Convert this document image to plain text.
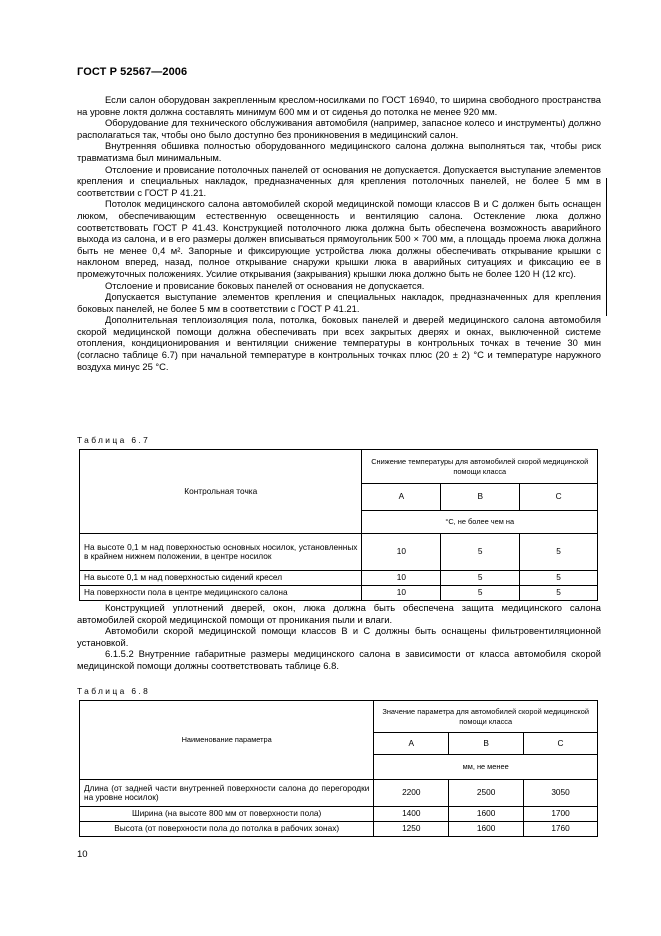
ГОСТ Р 52567—2006

Если салон оборудован закрепленным креслом-носилками по ГОСТ 16940, то ширина свободного пространства на уровне локтя должна составлять минимум 600 мм и от сиденья до потолка не менее 920 мм.

Оборудование для технического обслуживания автомобиля (например, запасное колесо и инструменты) должно располагаться так, чтобы оно было доступно без проникновения в медицинский салон.

Внутренняя обшивка полностью оборудованного медицинского салона должна выполняться так, чтобы риск травматизма был минимальным.

Отслоение и провисание потолочных панелей от основания не допускается. Допускается выступание элементов крепления и специальных накладок, предназначенных для крепления потолочных панелей, не более 5 мм в соответствии с ГОСТ Р 41.21.

Потолок медицинского салона автомобилей скорой медицинской помощи классов В и С должен быть оснащен люком, обеспечивающим естественную освещенность и вентиляцию салона. Остекление люка должно соответствовать ГОСТ Р 41.43. Конструкцией потолочного люка должна быть обеспечена возможность аварийного выхода из салона, и в его размеры должен вписываться прямоугольник 500 × 700 мм, а площадь проема люка должна быть не менее 0,4 м². Запорные и фиксирующие устройства люка должны обеспечивать открывание крышки с наклоном вперед, назад, полное открывание снаружи крышки люка в аварийных ситуациях и фиксацию ее в промежуточных положениях. Усилие открывания (закрывания) крышки люка должно быть не более 120 Н (12 кгс).

Отслоение и провисание боковых панелей от основания не допускается.

Допускается выступание элементов крепления и специальных накладок, предназначенных для крепления боковых панелей, не более 5 мм в соответствии с ГОСТ Р 41.21.

Дополнительная теплоизоляция пола, потолка, боковых панелей и дверей медицинского салона автомобиля скорой медицинской помощи должна обеспечивать при всех закрытых дверях и окнах, выключенной системе отопления, кондиционирования и вентиляции снижение температуры в контрольных точках в течение 30 мин (согласно таблице 6.7) при начальной температуре в контрольных точках плюс (20 ± 2) °С и температуре наружного воздуха минус 25 °С.

Таблица 6.7
Контрольная точка	Снижение температуры для автомобилей скорой медицинской помощи класса		
	А	В	С
	°С, не более чем на		
На высоте 0,1 м над поверхностью основных носилок, установленных в крайнем нижнем положении, в центре носилок	10	5	5
На высоте 0,1 м над поверхностью сидений кресел	10	5	5
На поверхности пола в центре медицинского салона	10	5	5

Конструкцией уплотнений дверей, окон, люка должна быть обеспечена защита медицинского салона автомобилей скорой медицинской помощи от проникания пыли и влаги.

Автомобили скорой медицинской помощи классов В и С должны быть оснащены фильтровентиляционной установкой.

6.1.5.2 Внутренние габаритные размеры медицинского салона в зависимости от класса автомобиля скорой медицинской помощи должны соответствовать таблице 6.8.

Таблица 6.8
Наименование параметра	Значение параметра для автомобилей скорой медицинской помощи класса		
	А	В	С
	мм, не менее		
Длина (от задней части внутренней поверхности салона до перегородки на уровне носилок)	2200	2500	3050
Ширина (на высоте 800 мм от поверхности пола)	1400	1600	1700
Высота (от поверхности пола до потолка в рабочих зонах)	1250	1600	1760
10
